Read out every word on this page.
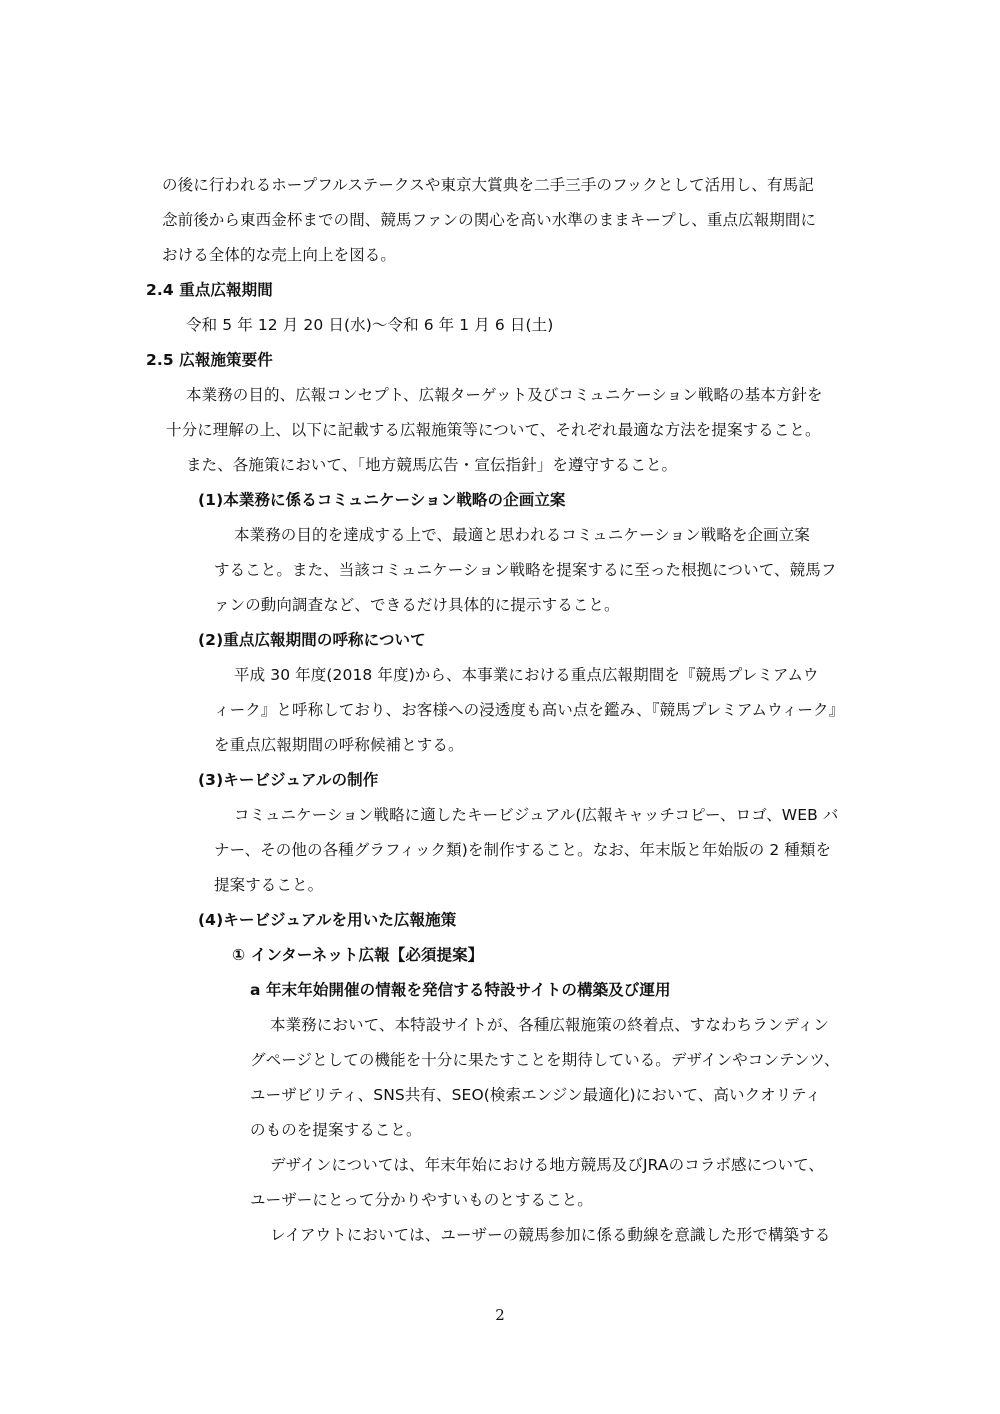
の後に行われるホープフルステークスや東京大賞典を二手三手のフックとして活用し、有馬記
念前後から東西金杯までの間、競馬ファンの関心を高い水準のままキープし、重点広報期間に
おける全体的な売上向上を図る。
2.4 重点広報期間
令和 5 年 12 月 20 日(水)～令和 6 年 1 月 6 日(土)
2.5 広報施策要件
本業務の目的、広報コンセプト、広報ターゲット及びコミュニケーション戦略の基本方針を
十分に理解の上、以下に記載する広報施策等について、それぞれ最適な方法を提案すること。
また、各施策において、「地方競馬広告・宣伝指針」を遵守すること。
(1)本業務に係るコミュニケーション戦略の企画立案
本業務の目的を達成する上で、最適と思われるコミュニケーション戦略を企画立案
すること。また、当該コミュニケーション戦略を提案するに至った根拠について、競馬フ
ァンの動向調査など、できるだけ具体的に提示すること。
(2)重点広報期間の呼称について
平成 30 年度(2018 年度)から、本事業における重点広報期間を『競馬プレミアムウ
ィーク』と呼称しており、お客様への浸透度も高い点を鑑み、『競馬プレミアムウィーク』
を重点広報期間の呼称候補とする。
(3)キービジュアルの制作
コミュニケーション戦略に適したキービジュアル(広報キャッチコピー、ロゴ、WEB バ
ナー、その他の各種グラフィック類)を制作すること。なお、年末版と年始版の 2 種類を
提案すること。
(4)キービジュアルを用いた広報施策
① インターネット広報【必須提案】
a 年末年始開催の情報を発信する特設サイトの構築及び運用
本業務において、本特設サイトが、各種広報施策の終着点、すなわちランディン
グページとしての機能を十分に果たすことを期待している。デザインやコンテンツ、
ユーザビリティ、SNS共有、SEO(検索エンジン最適化)において、高いクオリティ
のものを提案すること。
デザインについては、年末年始における地方競馬及びJRAのコラボ感について、
ユーザーにとって分かりやすいものとすること。
レイアウトにおいては、ユーザーの競馬参加に係る動線を意識した形で構築する
2
